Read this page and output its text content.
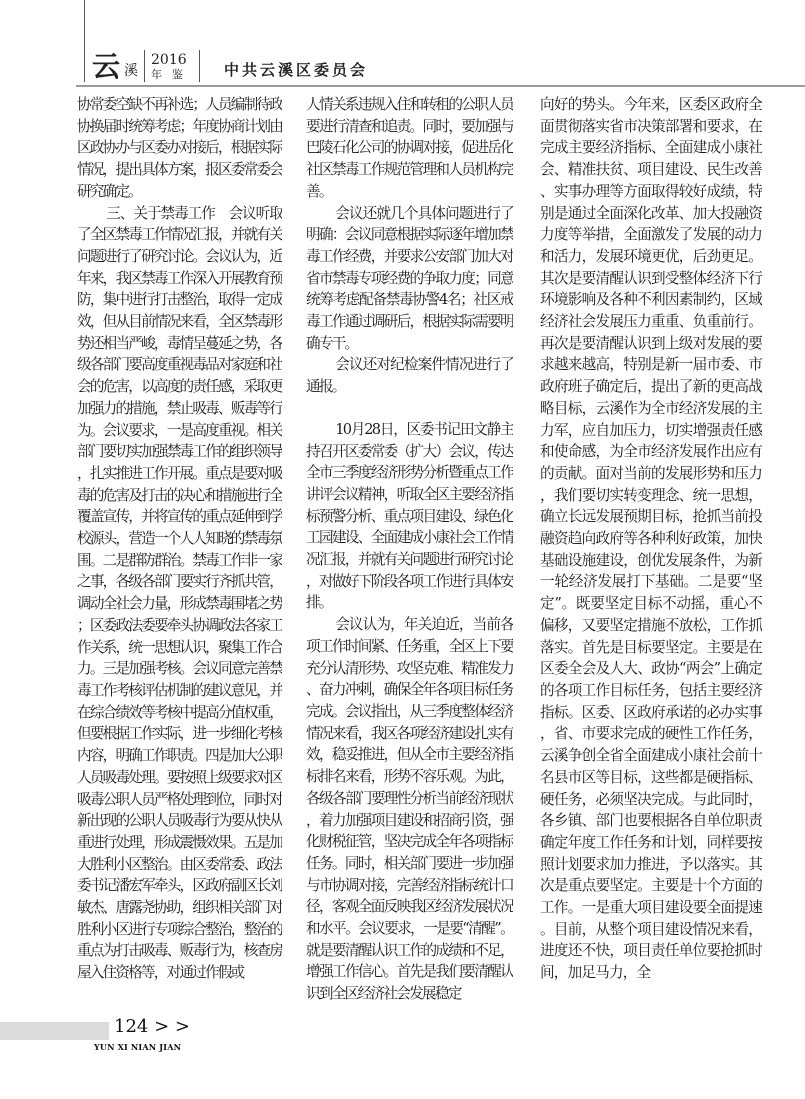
云 溪
2016
年鉴 中共云溪区委员会

协常委空缺不再补选；人员编制待政协换届时统筹考虑；年度协商计划由区政协办与区委办对接后，根据实际情况，提出具体方案，报区委常委会研究确定。

三、关于禁毒工作　会议听取了全区禁毒工作情况汇报，并就有关问题进行了研究讨论。会议认为，近年来，我区禁毒工作深入开展教育预防，集中进行打击整治，取得一定成效，但从目前情况来看，全区禁毒形势还相当严峻，毒情呈蔓延之势，各级各部门要高度重视毒品对家庭和社会的危害，以高度的责任感，采取更加强力的措施，禁止吸毒、贩毒等行为。会议要求，一是高度重视。相关部门要切实加强禁毒工作的组织领导，扎实推进工作开展。重点是要对吸毒的危害及打击的决心和措施进行全覆盖宣传，并将宣传的重点延伸到学校源头，营造一个人人知晓的禁毒氛围。二是群防群治。禁毒工作非一家之事，各级各部门要实行齐抓共管，调动全社会力量，形成禁毒围堵之势；区委政法委要牵头协调政法各家工作关系，统一思想认识，聚集工作合力。三是加强考核。会议同意完善禁毒工作考核评估机制的建议意见，并在综合绩效等考核中提高分值权重，但要根据工作实际，进一步细化考核内容，明确工作职责。四是加大公职人员吸毒处理。要按照上级要求对区吸毒公职人员严格处理到位，同时对新出现的公职人员吸毒行为要从快从重进行处理，形成震慑效果。五是加大胜利小区整治。由区委常委、政法委书记潘宏军牵头，区政府副区长刘敏杰、唐露尧协助，组织相关部门对胜利小区进行专项综合整治，整治的重点为打击吸毒、贩毒行为，核查房屋入住资格等，对通过作假或

人情关系违规入住和转租的公职人员要进行清查和追责。同时，要加强与巴陵石化公司的协调对接，促进岳化社区禁毒工作规范管理和人员机构完善。

会议还就几个具体问题进行了明确：会议同意根据实际逐年增加禁毒工作经费，并要求公安部门加大对省市禁毒专项经费的争取力度；同意统筹考虑配备禁毒协警4名；社区戒毒工作通过调研后，根据实际需要明确专干。

会议还对纪检案件情况进行了通报。

10月28日，区委书记田文静主持召开区委常委（扩大）会议，传达全市三季度经济形势分析暨重点工作讲评会议精神，听取全区主要经济指标预警分析、重点项目建设、绿色化工园建设、全面建成小康社会工作情况汇报，并就有关问题进行研究讨论，对做好下阶段各项工作进行具体安排。

会议认为，年关迫近，当前各项工作时间紧、任务重，全区上下要充分认清形势、攻坚克难、精准发力、奋力冲刺，确保全年各项目标任务完成。会议指出，从三季度整体经济情况来看，我区各项经济建设扎实有效，稳妥推进，但从全市主要经济指标排名来看，形势不容乐观。为此，各级各部门要理性分析当前经济现状，着力加强项目建设和招商引资，强化财税征管，坚决完成全年各项指标任务。同时，相关部门要进一步加强与市协调对接，完善经济指标统计口径，客观全面反映我区经济发展状况和水平。会议要求，一是要“清醒”。就是要清醒认识工作的成绩和不足，增强工作信心。首先是我们要清醒认识到全区经济社会发展稳定

向好的势头。今年来，区委区政府全面贯彻落实省市决策部署和要求，在完成主要经济指标、全面建成小康社会、精准扶贫、项目建设、民生改善、实事办理等方面取得较好成绩，特别是通过全面深化改革、加大投融资力度等举措，全面激发了发展的动力和活力，发展环境更优，后劲更足。其次是要清醒认识到受整体经济下行环境影响及各种不利因素制约，区域经济社会发展压力重重、负重前行。再次是要清醒认识到上级对发展的要求越来越高，特别是新一届市委、市政府班子确定后，提出了新的更高战略目标，云溪作为全市经济发展的主力军，应自加压力，切实增强责任感和使命感，为全市经济发展作出应有的贡献。面对当前的发展形势和压力，我们要切实转变理念、统一思想，确立长远发展预期目标，抢抓当前投融资趋向政府等各种利好政策，加快基础设施建设，创优发展条件，为新一轮经济发展打下基础。二是要“坚定”。既要坚定目标不动摇，重心不偏移，又要坚定措施不放松，工作抓落实。首先是目标要坚定。主要是在区委全会及人大、政协“两会”上确定的各项工作目标任务，包括主要经济指标。区委、区政府承诺的必办实事，省、市要求完成的硬性工作任务，云溪争创全省全面建成小康社会前十名县市区等目标，这些都是硬指标、硬任务，必须坚决完成。与此同时，各乡镇、部门也要根据各自单位职责确定年度工作任务和计划，同样要按照计划要求加力推进，予以落实。其次是重点要坚定。主要是十个方面的工作。一是重大项目建设要全面提速。目前，从整个项目建设情况来看，进度还不快，项目责任单位要抢抓时间，加足马力，全

124 > >
YUN XI NIAN JIAN
